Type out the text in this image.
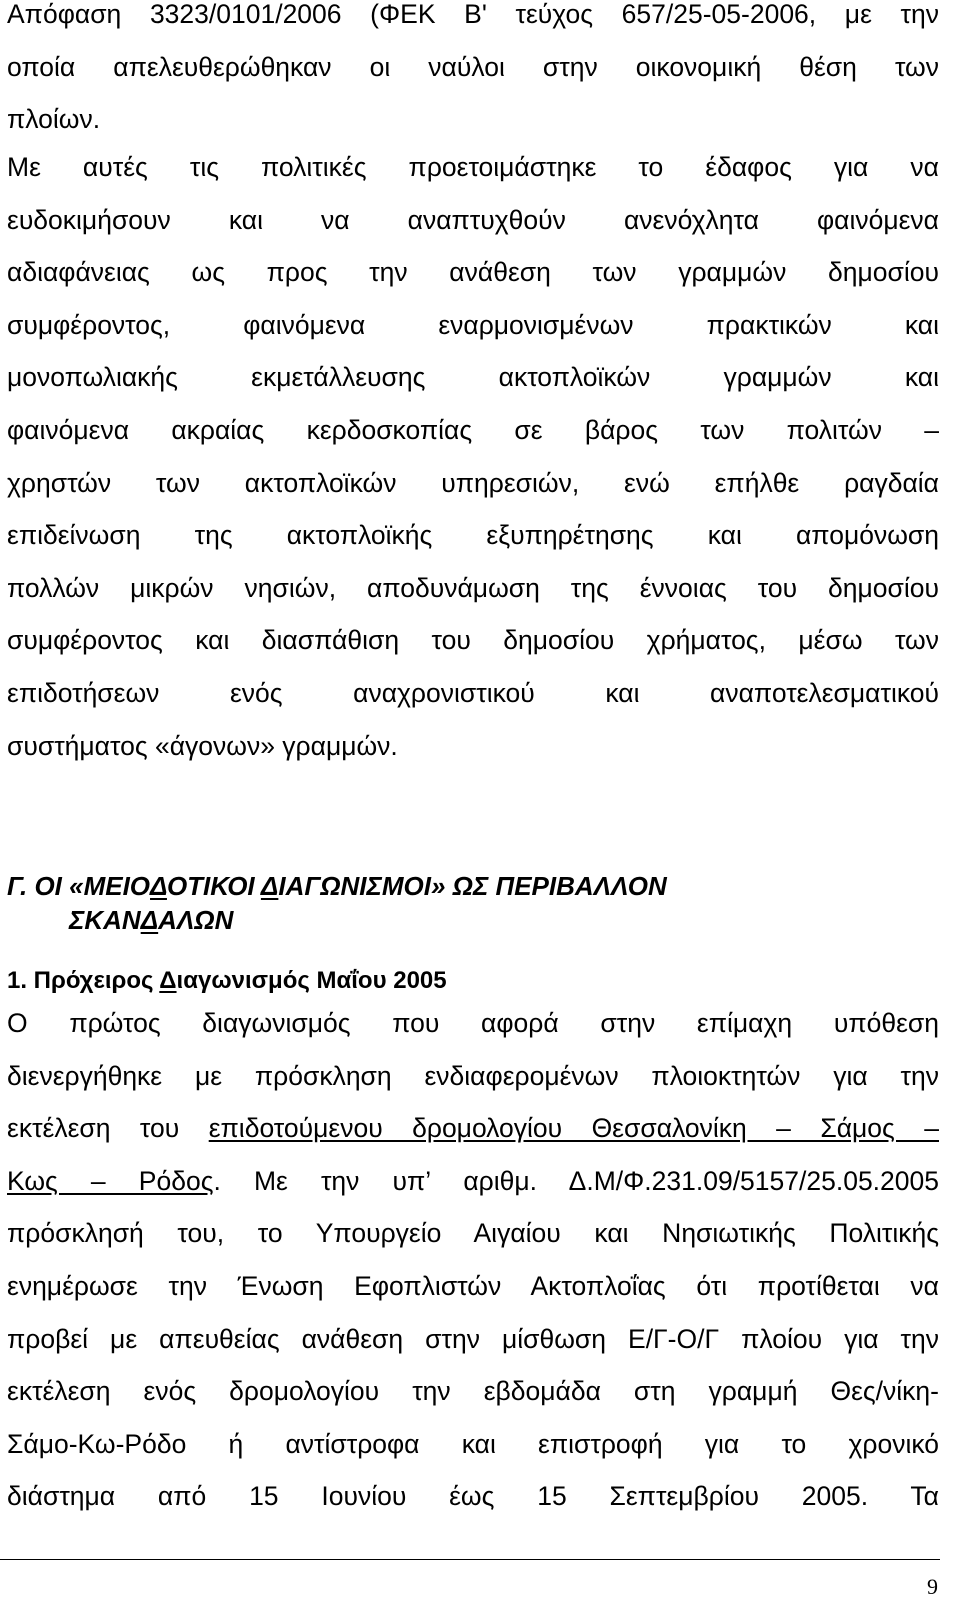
Απόφαση 3323/0101/2006 (ΦΕΚ Β' τεύχος 657/25-05-2006, με την
οποία απελευθερώθηκαν οι ναύλοι στην οικονομική θέση των
πλοίων.
Με αυτές τις πολιτικές προετοιμάστηκε το έδαφος για να
ευδοκιμήσουν και να αναπτυχθούν ανενόχλητα φαινόμενα
αδιαφάνειας ως προς την ανάθεση των γραμμών δημοσίου
συμφέροντος, φαινόμενα εναρμονισμένων πρακτικών και
μονοπωλιακής εκμετάλλευσης ακτοπλοϊκών γραμμών και
φαινόμενα ακραίας κερδοσκοπίας σε βάρος των πολιτών –
χρηστών των ακτοπλοϊκών υπηρεσιών, ενώ επήλθε ραγδαία
επιδείνωση της ακτοπλοϊκής εξυπηρέτησης και απομόνωση
πολλών μικρών νησιών, αποδυνάμωση της έννοιας του δημοσίου
συμφέροντος και διασπάθιση του δημοσίου χρήματος, μέσω των
επιδοτήσεων ενός αναχρονιστικού και αναποτελεσματικού
συστήματος «άγονων» γραμμών.
Γ. ΟΙ «ΜΕΙΟΔΟΤΙΚΟΙ ΔΙΑΓΩΝΙΣΜΟΙ» ΩΣ ΠΕΡΙΒΑΛΛΟΝ
ΣΚΑΝΔΑΛΩΝ
1. Πρόχειρος Διαγωνισμός Μαΐου 2005
Ο πρώτος διαγωνισμός που αφορά στην επίμαχη υπόθεση
διενεργήθηκε με πρόσκληση ενδιαφερομένων πλοιοκτητών για την
εκτέλεση του επιδοτούμενου δρομολογίου Θεσσαλονίκη – Σάμος –
Κως – Ρόδος. Με την υπ’ αριθμ. Δ.Μ/Φ.231.09/5157/25.05.2005
πρόσκλησή του, το Υπουργείο Αιγαίου και Νησιωτικής Πολιτικής
ενημέρωσε την Ένωση Εφοπλιστών Ακτοπλοΐας ότι προτίθεται να
προβεί με απευθείας ανάθεση στην μίσθωση Ε/Γ-Ο/Γ πλοίου για την
εκτέλεση ενός δρομολογίου την εβδομάδα στη γραμμή Θες/νίκη-
Σάμο-Κω-Ρόδο ή αντίστροφα και επιστροφή για το χρονικό
διάστημα από 15 Ιουνίου έως 15 Σεπτεμβρίου 2005. Τα
9
